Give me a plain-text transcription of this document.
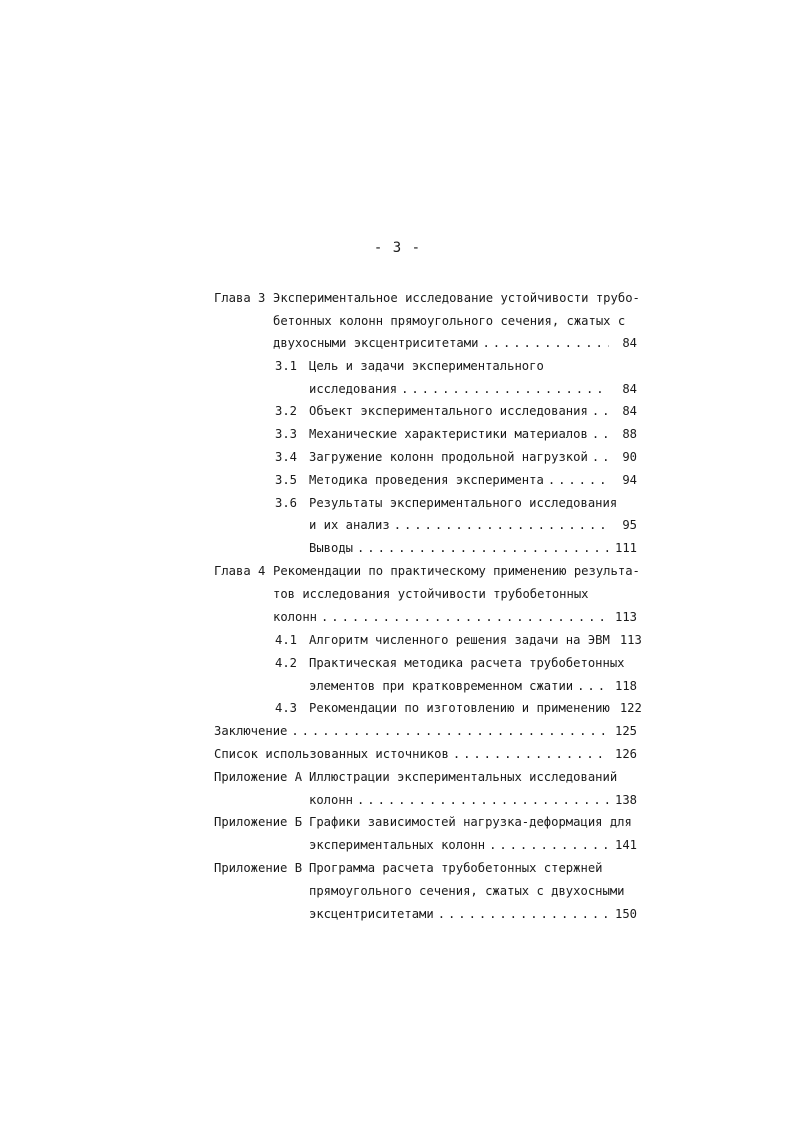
- 3 -
Глава 3 Экспериментальное исследование устойчивости трубо-
бетонных колонн прямоугольного сечения, сжатых с
двухосными эксцентриситетами . . .	84
3.1 Цель и задачи экспериментального
исследования . . .	84
3.2 Объект экспериментального исследования . . .	84
3.3 Механические характеристики материалов . . .	88
3.4 Загружение колонн продольной нагрузкой . . .	90
3.5 Методика проведения эксперимента . . .	94
3.6 Результаты экспериментального исследования
и их анализ . . .	95
Выводы . . .	111
Глава 4 Рекомендации по практическому применению результа-
тов исследования устойчивости трубобетонных
колонн . . .	113
4.1 Алгоритм численного решения задачи на ЭВМ 113
4.2 Практическая методика расчета трубобетонных
элементов при кратковременном сжатии . . .	118
4.3 Рекомендации по изготовлению и применению 122
Заключение . . .	125
Список использованных источников . . .	126
Приложение А Иллюстрации экспериментальных исследований
колонн . . .	138
Приложение Б Графики зависимостей нагрузка-деформация для
экспериментальных колонн . . .	141
Приложение В Программа расчета трубобетонных стержней
прямоугольного сечения, сжатых с двухосными
эксцентриситетами . . .	150
